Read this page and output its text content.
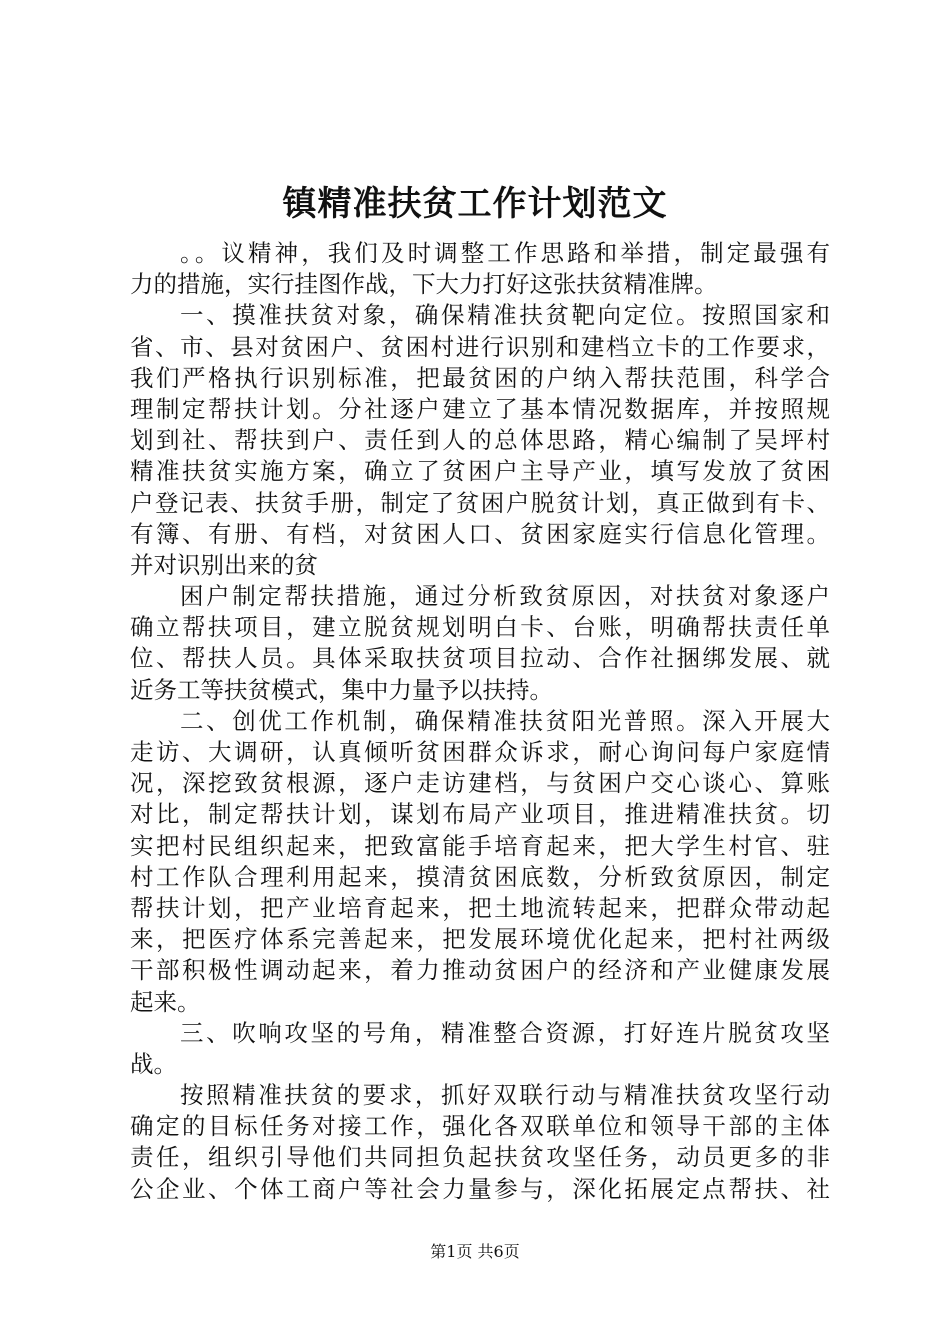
镇精准扶贫工作计划范文
。。议精神，我们及时调整工作思路和举措，制定最强有
力的措施，实行挂图作战，下大力打好这张扶贫精准牌。
一、摸准扶贫对象，确保精准扶贫靶向定位。按照国家和
省、市、县对贫困户、贫困村进行识别和建档立卡的工作要求，
我们严格执行识别标准，把最贫困的户纳入帮扶范围，科学合
理制定帮扶计划。分社逐户建立了基本情况数据库，并按照规
划到社、帮扶到户、责任到人的总体思路，精心编制了吴坪村
精准扶贫实施方案，确立了贫困户主导产业，填写发放了贫困
户登记表、扶贫手册，制定了贫困户脱贫计划，真正做到有卡、
有簿、有册、有档，对贫困人口、贫困家庭实行信息化管理。
并对识别出来的贫
困户制定帮扶措施，通过分析致贫原因，对扶贫对象逐户
确立帮扶项目，建立脱贫规划明白卡、台账，明确帮扶责任单
位、帮扶人员。具体采取扶贫项目拉动、合作社捆绑发展、就
近务工等扶贫模式，集中力量予以扶持。
二、创优工作机制，确保精准扶贫阳光普照。深入开展大
走访、大调研，认真倾听贫困群众诉求，耐心询问每户家庭情
况，深挖致贫根源，逐户走访建档，与贫困户交心谈心、算账
对比，制定帮扶计划，谋划布局产业项目，推进精准扶贫。切
实把村民组织起来，把致富能手培育起来，把大学生村官、驻
村工作队合理利用起来，摸清贫困底数，分析致贫原因，制定
帮扶计划，把产业培育起来，把土地流转起来，把群众带动起
来，把医疗体系完善起来，把发展环境优化起来，把村社两级
干部积极性调动起来，着力推动贫困户的经济和产业健康发展
起来。
三、吹响攻坚的号角，精准整合资源，打好连片脱贫攻坚
战。
按照精准扶贫的要求，抓好双联行动与精准扶贫攻坚行动
确定的目标任务对接工作，强化各双联单位和领导干部的主体
责任，组织引导他们共同担负起扶贫攻坚任务，动员更多的非
公企业、个体工商户等社会力量参与，深化拓展定点帮扶、社
第1页 共6页
